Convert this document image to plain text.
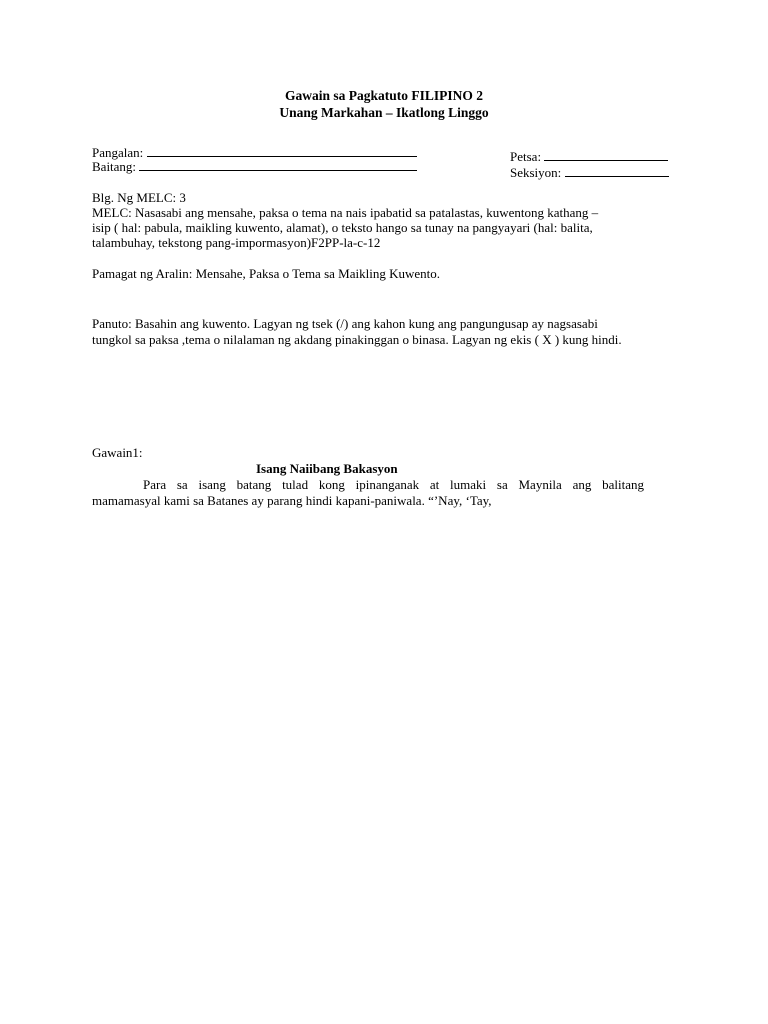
Gawain sa Pagkatuto FILIPINO 2
Unang Markahan – Ikatlong Linggo
Pangalan:
Baitang:
Petsa:
Seksiyon:
Blg. Ng MELC: 3
MELC: Nasasabi ang mensahe, paksa o tema na nais ipabatid sa patalastas, kuwentong kathang –
isip ( hal: pabula, maikling kuwento, alamat), o teksto hango sa tunay na pangyayari (hal: balita,
talambuhay, tekstong pang-impormasyon)F2PP-la-c-12
Pamagat ng Aralin: Mensahe, Paksa o Tema sa Maikling Kuwento.
Panuto: Basahin ang kuwento. Lagyan ng tsek (/) ang kahon kung ang pangungusap ay nagsasabi
tungkol sa paksa ,tema o nilalaman ng akdang pinakinggan o binasa. Lagyan ng ekis ( X ) kung hindi.
Gawain1:
Isang Naiibang Bakasyon
Para sa isang batang tulad kong ipinanganak at lumaki sa Maynila ang balitang
mamamasyal kami sa Batanes ay parang hindi kapani-paniwala. “’Nay, ‘Tay,
